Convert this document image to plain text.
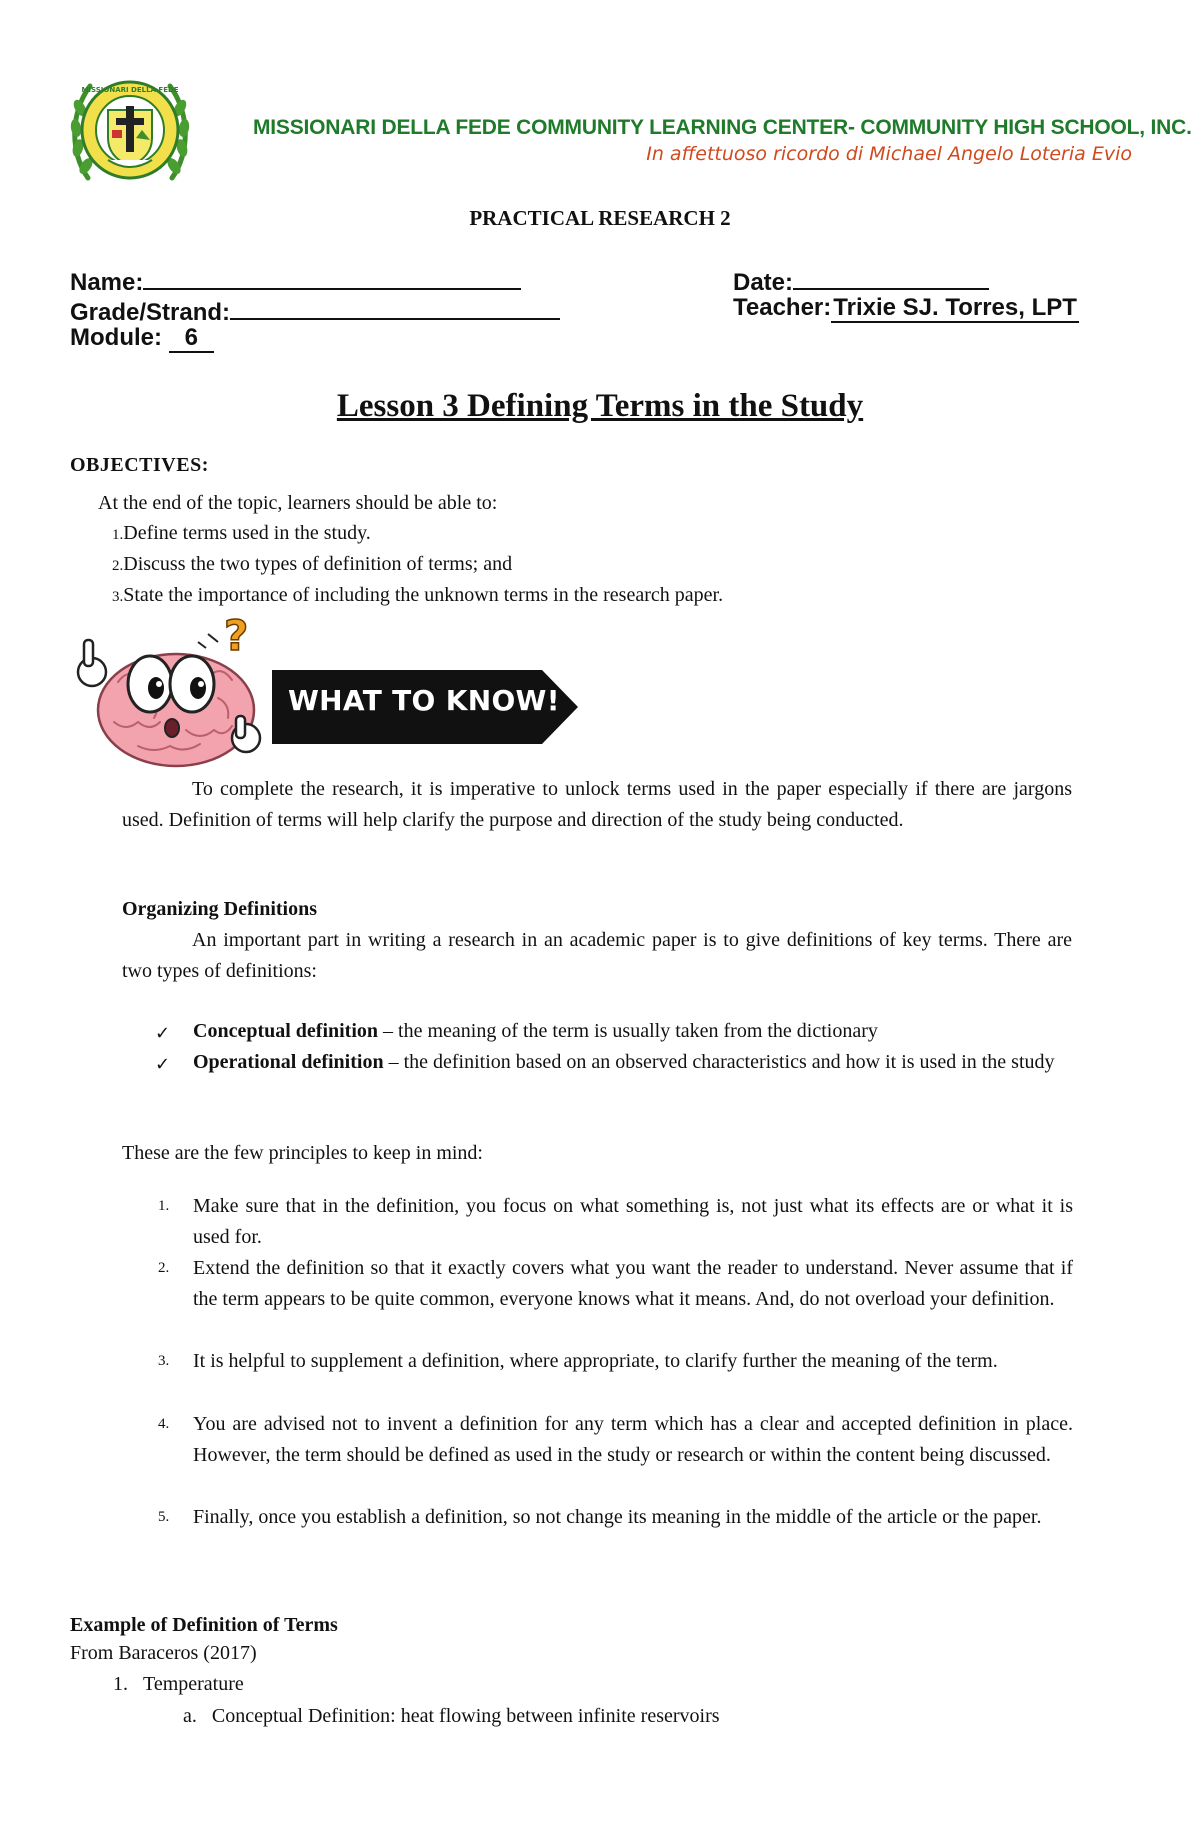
MISSIONARI DELLA FEDE
MISSIONARI DELLA FEDE COMMUNITY LEARNING CENTER- COMMUNITY HIGH SCHOOL, INC.
In affettuoso ricordo di Michael Angelo Loteria Evio
PRACTICAL RESEARCH 2
Name:	Date:
Grade/Strand:	Teacher:Trixie SJ. Torres, LPT
Module: 6
Lesson 3 Defining Terms in the Study
OBJECTIVES:
At the end of the topic, learners should be able to:
1.Define terms used in the study.
2.Discuss the two types of definition of terms; and
3.State the importance of including the unknown terms in the research paper.
?
WHAT TO KNOW!
To complete the research, it is imperative to unlock terms used in the paper especially if there are jargons used. Definition of terms will help clarify the purpose and direction of the study being conducted.
Organizing Definitions
An important part in writing a research in an academic paper is to give definitions of key terms. There are two types of definitions:
✓ Conceptual definition – the meaning of the term is usually taken from the dictionary
✓ Operational definition – the definition based on an observed characteristics and how it is used in the study
These are the few principles to keep in mind:
1. Make sure that in the definition, you focus on what something is, not just what its effects are or what it is used for.
2. Extend the definition so that it exactly covers what you want the reader to understand. Never assume that if the term appears to be quite common, everyone knows what it means. And, do not overload your definition.
3. It is helpful to supplement a definition, where appropriate, to clarify further the meaning of the term.
4. You are advised not to invent a definition for any term which has a clear and accepted definition in place. However, the term should be defined as used in the study or research or within the content being discussed.
5. Finally, once you establish a definition, so not change its meaning in the middle of the article or the paper.
Example of Definition of Terms
From Baraceros (2017)
1. Temperature
a. Conceptual Definition: heat flowing between infinite reservoirs
